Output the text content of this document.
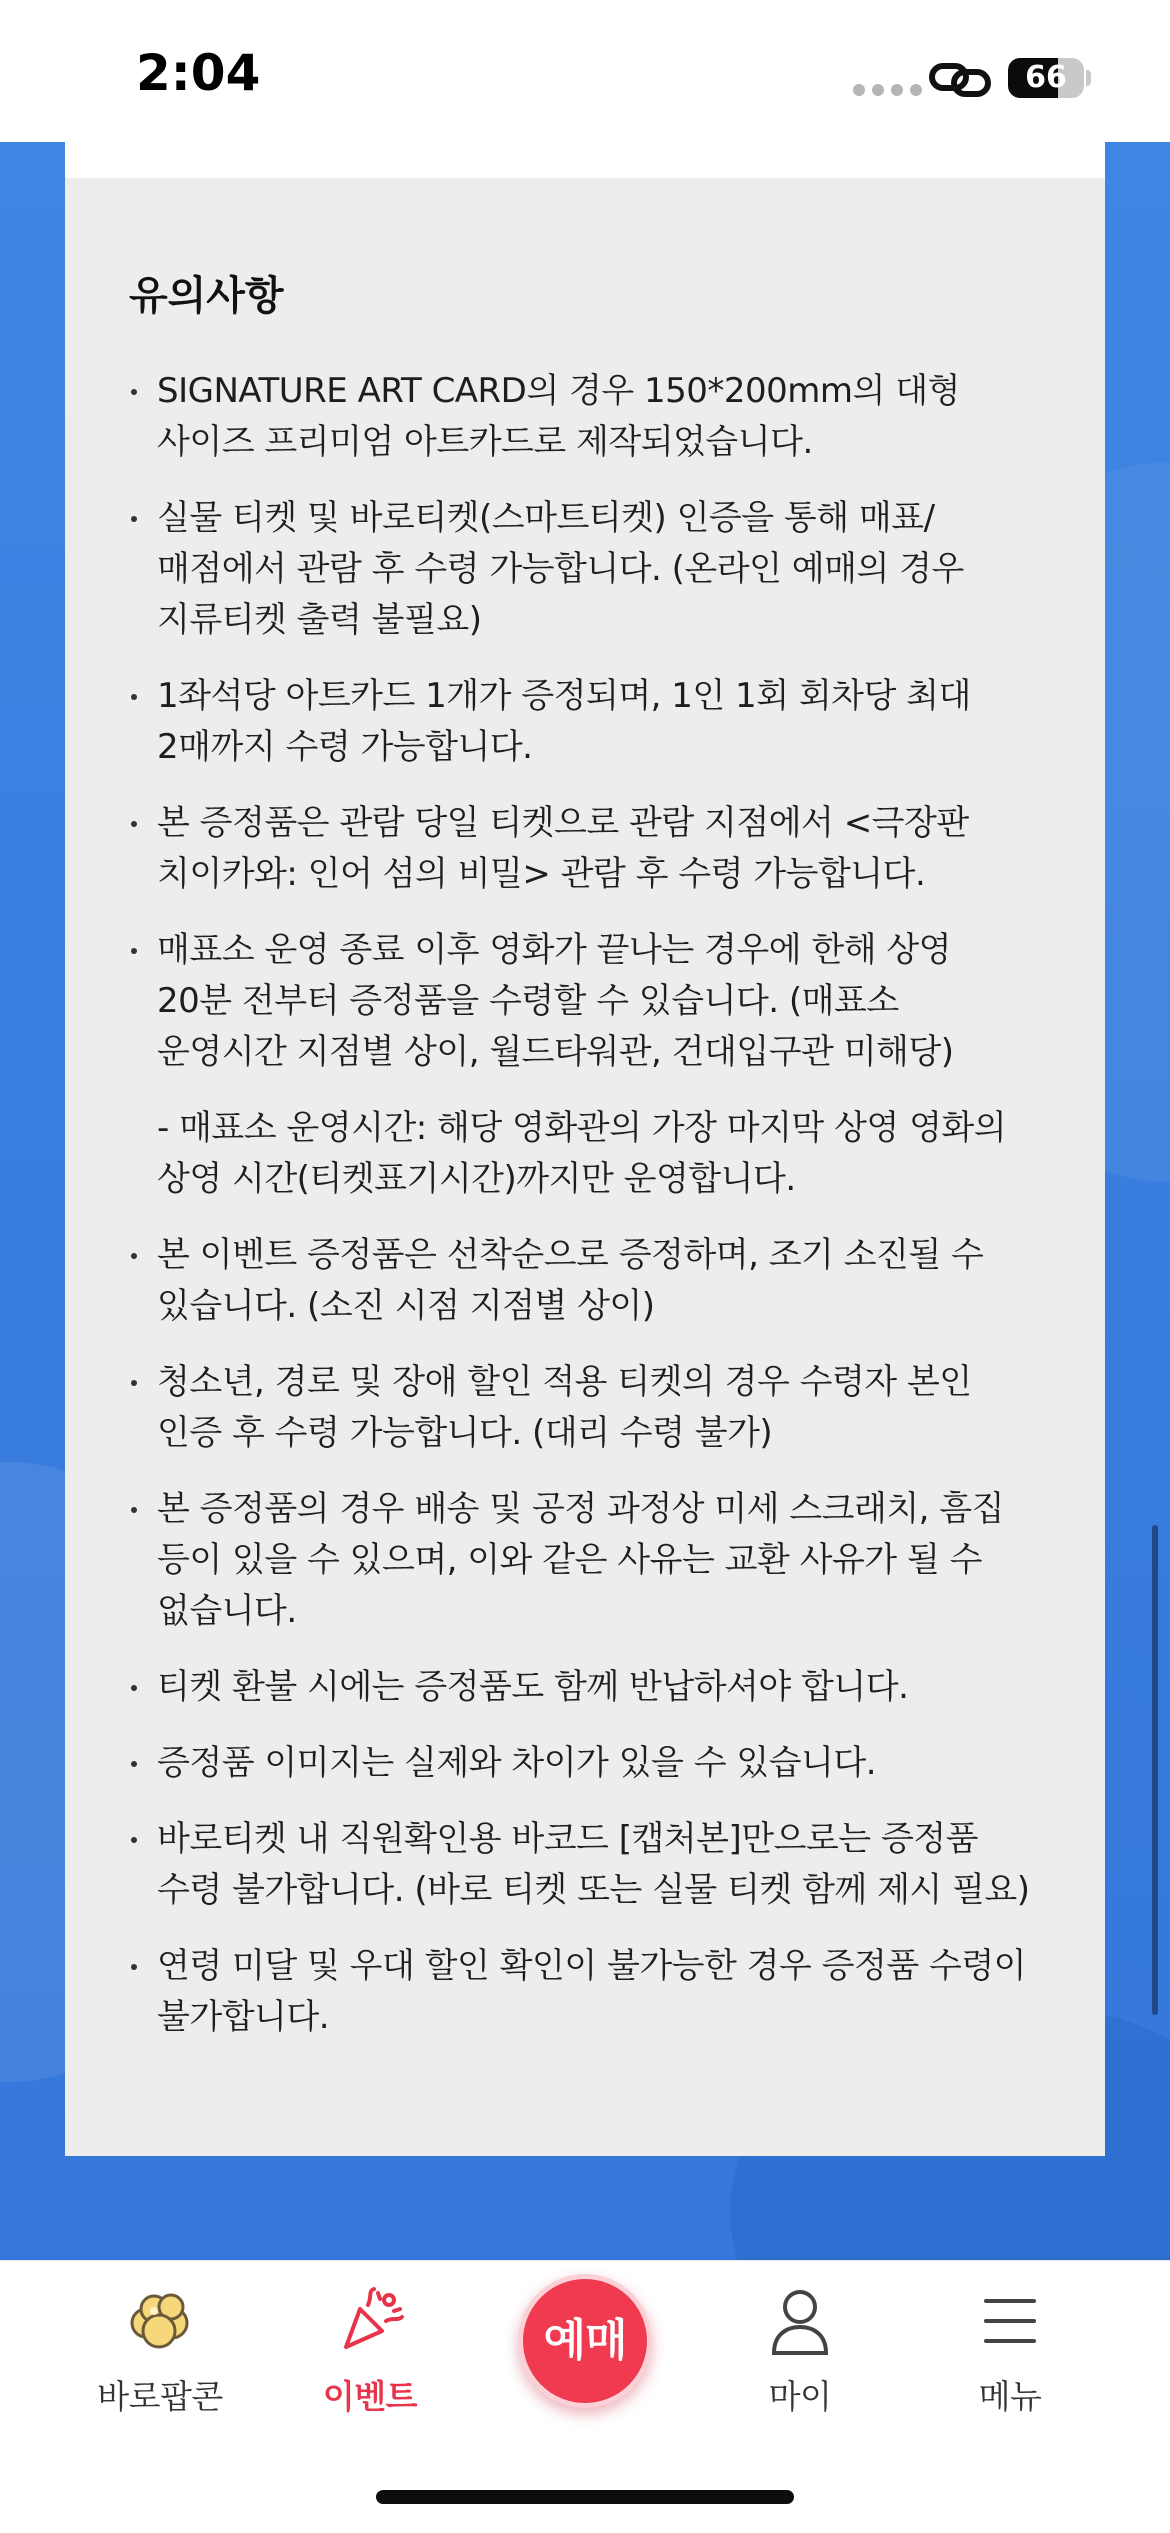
2:04	66
유의사항
SIGNATURE ART CARD의 경우 150*200mm의 대형 사이즈 프리미엄 아트카드로 제작되었습니다.
실물 티켓 및 바로티켓(스마트티켓) 인증을 통해 매표/매점에서 관람 후 수령 가능합니다. (온라인 예매의 경우 지류티켓 출력 불필요)
1좌석당 아트카드 1개가 증정되며, 1인 1회 회차당 최대 2매까지 수령 가능합니다.
본 증정품은 관람 당일 티켓으로 관람 지점에서 <극장판 치이카와: 인어 섬의 비밀> 관람 후 수령 가능합니다.
매표소 운영 종료 이후 영화가 끝나는 경우에 한해 상영 20분 전부터 증정품을 수령할 수 있습니다. (매표소 운영시간 지점별 상이, 월드타워관, 건대입구관 미해당)
- 매표소 운영시간: 해당 영화관의 가장 마지막 상영 영화의 상영 시간(티켓표기시간)까지만 운영합니다.
본 이벤트 증정품은 선착순으로 증정하며, 조기 소진될 수 있습니다. (소진 시점 지점별 상이)
청소년, 경로 및 장애 할인 적용 티켓의 경우 수령자 본인 인증 후 수령 가능합니다. (대리 수령 불가)
본 증정품의 경우 배송 및 공정 과정상 미세 스크래치, 흠집 등이 있을 수 있으며, 이와 같은 사유는 교환 사유가 될 수 없습니다.
티켓 환불 시에는 증정품도 함께 반납하셔야 합니다.
증정품 이미지는 실제와 차이가 있을 수 있습니다.
바로티켓 내 직원확인용 바코드 [캡처본]만으로는 증정품 수령 불가합니다. (바로 티켓 또는 실물 티켓 함께 제시 필요)
연령 미달 및 우대 할인 확인이 불가능한 경우 증정품 수령이 불가합니다.
바로팝콘	이벤트	마이	메뉴
예매
